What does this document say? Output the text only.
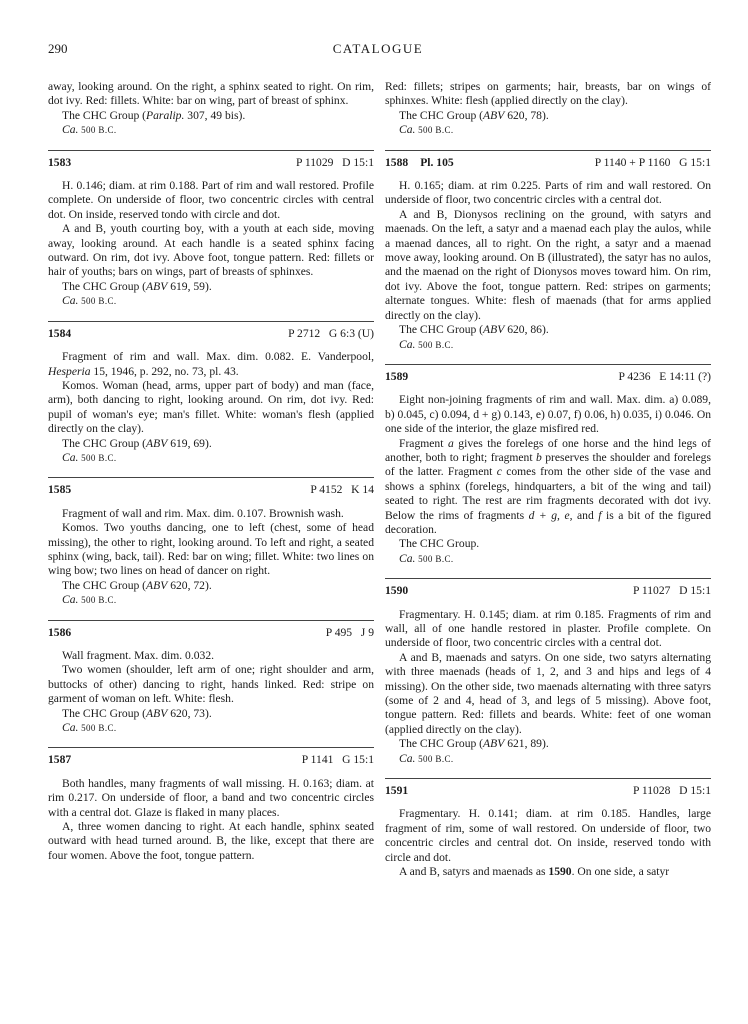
290	CATALOGUE

away, looking around. On the right, a sphinx seated to right. On rim, dot ivy. Red: fillets. White: bar on wing, part of breast of sphinx.

The CHC Group (Paralip. 307, 49 bis).

Ca. 500 B.C.

1583	P 11029   D 15:1

H. 0.146; diam. at rim 0.188. Part of rim and wall restored. Profile complete. On underside of floor, two concentric circles with central dot. On inside, reserved tondo with circle and dot.

A and B, youth courting boy, with a youth at each side, moving away, looking around. At each handle is a seated sphinx facing outward. On rim, dot ivy. Above foot, tongue pattern. Red: fillets or hair of youths; bars on wings, part of breasts of sphinxes.

The CHC Group (ABV 619, 59).

Ca. 500 B.C.

1584	P 2712   G 6:3 (U)

Fragment of rim and wall. Max. dim. 0.082. E. Vanderpool, Hesperia 15, 1946, p. 292, no. 73, pl. 43.

Komos. Woman (head, arms, upper part of body) and man (face, arm), both dancing to right, looking around. On rim, dot ivy. Red: pupil of woman's eye; man's fillet. White: woman's flesh (applied directly on the clay).

The CHC Group (ABV 619, 69).

Ca. 500 B.C.

1585	P 4152   K 14

Fragment of wall and rim. Max. dim. 0.107. Brownish wash.

Komos. Two youths dancing, one to left (chest, some of head missing), the other to right, looking around. To left and right, a seated sphinx (wing, back, tail). Red: bar on wing; fillet. White: two lines on wing bow; two lines on head of dancer on right.

The CHC Group (ABV 620, 72).

Ca. 500 B.C.

1586	P 495   J 9

Wall fragment. Max. dim. 0.032.

Two women (shoulder, left arm of one; right shoulder and arm, buttocks of other) dancing to right, hands linked. Red: stripe on garment of woman on left. White: flesh.

The CHC Group (ABV 620, 73).

Ca. 500 B.C.

1587	P 1141   G 15:1

Both handles, many fragments of wall missing. H. 0.163; diam. at rim 0.217. On underside of floor, a band and two concentric circles with a central dot. Glaze is flaked in many places.

A, three women dancing to right. At each handle, sphinx seated outward with head turned around. B, the like, except that there are four women. Above the foot, tongue pattern.

Red: fillets; stripes on garments; hair, breasts, bar on wings of sphinxes. White: flesh (applied directly on the clay).

The CHC Group (ABV 620, 78).

Ca. 500 B.C.

1588 Pl. 105	P 1140 + P 1160   G 15:1

H. 0.165; diam. at rim 0.225. Parts of rim and wall restored. On underside of floor, two concentric circles with a central dot.

A and B, Dionysos reclining on the ground, with satyrs and maenads. On the left, a satyr and a maenad each play the aulos, while a maenad dances, all to right. On the right, a satyr and a maenad move away, looking around. On B (illustrated), the satyr has no aulos, and the maenad on the right of Dionysos moves toward him. On rim, dot ivy. Above the foot, tongue pattern. Red: stripes on garments; alternate tongues. White: flesh of maenads (that for arms applied directly on the clay).

The CHC Group (ABV 620, 86).

Ca. 500 B.C.

1589	P 4236   E 14:11 (?)

Eight non-joining fragments of rim and wall. Max. dim. a) 0.089, b) 0.045, c) 0.094, d + g) 0.143, e) 0.07, f) 0.06, h) 0.035, i) 0.046. On one side of the interior, the glaze misfired red.

Fragment a gives the forelegs of one horse and the hind legs of another, both to right; fragment b preserves the shoulder and forelegs of the latter. Fragment c comes from the other side of the vase and shows a sphinx (forelegs, hindquarters, a bit of the wing and tail) seated to right. The rest are rim fragments decorated with dot ivy. Below the rims of fragments d + g, e, and f is a bit of the figured decoration.

The CHC Group.

Ca. 500 B.C.

1590	P 11027   D 15:1

Fragmentary. H. 0.145; diam. at rim 0.185. Fragments of rim and wall, all of one handle restored in plaster. Profile complete. On underside of floor, two concentric circles with a central dot.

A and B, maenads and satyrs. On one side, two satyrs alternating with three maenads (heads of 1, 2, and 3 and hips and legs of 4 missing). On the other side, two maenads alternating with three satyrs (some of 2 and 4, head of 3, and legs of 5 missing). Above foot, tongue pattern. Red: fillets and beards. White: feet of one woman (applied directly on the clay).

The CHC Group (ABV 621, 89).

Ca. 500 B.C.

1591	P 11028   D 15:1

Fragmentary. H. 0.141; diam. at rim 0.185. Handles, large fragment of rim, some of wall restored. On underside of floor, two concentric circles and central dot. On inside, reserved tondo with circle and dot.

A and B, satyrs and maenads as 1590. On one side, a satyr
